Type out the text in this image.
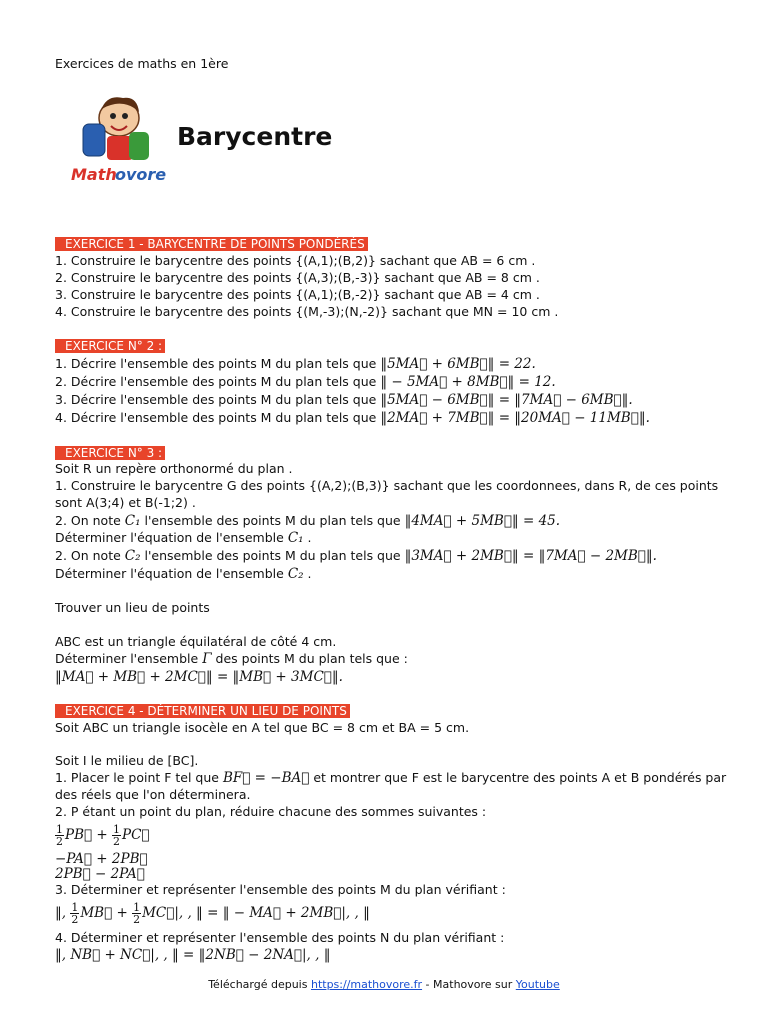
Exercices de maths en 1ère
Math
ovore
Barycentre
EXERCICE 1 - BARYCENTRE DE POINTS PONDÉRÉS
1. Construire le barycentre des points {(A,1);(B,2)} sachant que AB = 6 cm .
2. Construire le barycentre des points {(A,3);(B,-3)} sachant que AB = 8 cm .
3. Construire le barycentre des points {(A,1);(B,-2)} sachant que AB = 4 cm .
4. Construire le barycentre des points {(M,-3);(N,-2)} sachant que MN = 10 cm .
EXERCICE N° 2 :
1. Décrire l'ensemble des points M du plan tels que ‖5MA⃗ + 6MB⃗‖ = 22.
2. Décrire l'ensemble des points M du plan tels que ‖ − 5MA⃗ + 8MB⃗‖ = 12.
3. Décrire l'ensemble des points M du plan tels que ‖5MA⃗ − 6MB⃗‖ = ‖7MA⃗ − 6MB⃗‖.
4. Décrire l'ensemble des points M du plan tels que ‖2MA⃗ + 7MB⃗‖ = ‖20MA⃗ − 11MB⃗‖.
EXERCICE N° 3 :
Soit R un repère orthonormé du plan .
1. Construire le barycentre G des points {(A,2);(B,3)} sachant que les coordonnees, dans R, de ces points
sont A(3;4) et B(-1;2) .
2. On note C₁ l'ensemble des points M du plan tels que ‖4MA⃗ + 5MB⃗‖ = 45.
Déterminer l'équation de l'ensemble C₁ .
2. On note C₂ l'ensemble des points M du plan tels que ‖3MA⃗ + 2MB⃗‖ = ‖7MA⃗ − 2MB⃗‖.
Déterminer l'équation de l'ensemble C₂ .
Trouver un lieu de points
ABC est un triangle équilatéral de côté 4 cm.
Déterminer l'ensemble Γ des points M du plan tels que :
‖MA⃗ + MB⃗ + 2MC⃗‖ = ‖MB⃗ + 3MC⃗‖.
EXERCICE 4 - DÉTERMINER UN LIEU DE POINTS
Soit ABC un triangle isocèle en A tel que BC = 8 cm et BA = 5 cm.
Soit I le milieu de [BC].
1. Placer le point F tel que BF⃗ = −BA⃗ et montrer que F est le barycentre des points A et B pondérés par
des réels que l'on déterminera.
2. P étant un point du plan, réduire chacune des sommes suivantes :
$\frac{1}{2}$ PB⃗ + $\frac{1}{2}$ PC⃗
−PA⃗ + 2PB⃗
2PB⃗ − 2PA⃗
3. Déterminer et représenter l'ensemble des points M du plan vérifiant :
‖, $\frac{1}{2}$ MB⃗ + $\frac{1}{2}$ MC⃗|, , ‖ = ‖ − MA⃗ + 2MB⃗|, , ‖
4. Déterminer et représenter l'ensemble des points N du plan vérifiant :
‖, NB⃗ + NC⃗|, , ‖ = ‖2NB⃗ − 2NA⃗|, , ‖
Téléchargé depuis https://mathovore.fr - Mathovore sur Youtube
